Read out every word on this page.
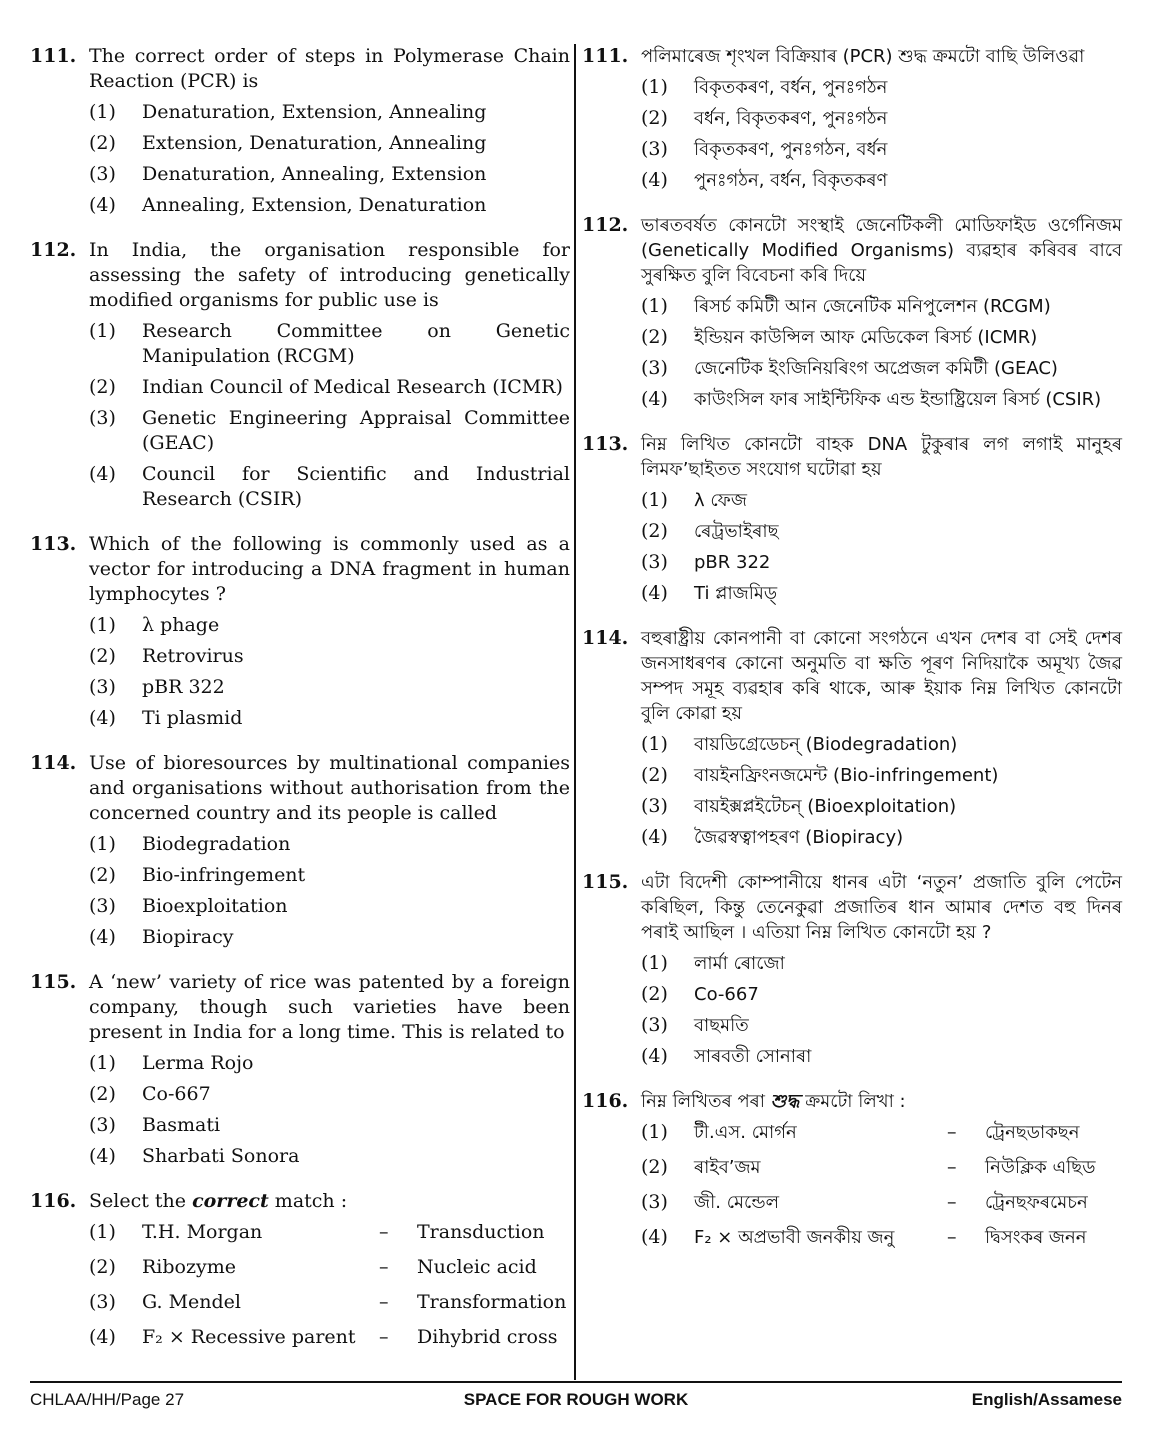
111. The correct order of steps in Polymerase Chain Reaction (PCR) is
(1)	Denaturation, Extension, Annealing
(2)	Extension, Denaturation, Annealing
(3)	Denaturation, Annealing, Extension
(4)	Annealing, Extension, Denaturation
112. In India, the organisation responsible for assessing the safety of introducing genetically modified organisms for public use is
(1)	Research Committee on Genetic Manipulation (RCGM)
(2)	Indian Council of Medical Research (ICMR)
(3)	Genetic Engineering Appraisal Committee (GEAC)
(4)	Council for Scientific and Industrial Research (CSIR)
113. Which of the following is commonly used as a vector for introducing a DNA fragment in human lymphocytes ?
(1)	λ phage
(2)	Retrovirus
(3)	pBR 322
(4)	Ti plasmid
114. Use of bioresources by multinational companies and organisations without authorisation from the concerned country and its people is called
(1)	Biodegradation
(2)	Bio-infringement
(3)	Bioexploitation
(4)	Biopiracy
115. A ‘new’ variety of rice was patented by a foreign company, though such varieties have been present in India for a long time. This is related to
(1)	Lerma Rojo
(2)	Co-667
(3)	Basmati
(4)	Sharbati Sonora
116. Select the correct match :
(1)	T.H. Morgan	–	Transduction
(2)	Ribozyme	–	Nucleic acid
(3)	G. Mendel	–	Transformation
(4)	F₂ × Recessive parent	–	Dihybrid cross
111. পলিমাৰেজ শৃংখল বিক্ৰিয়াৰ (PCR) শুদ্ধ ক্ৰমটো বাছি উলিওৱা
(1)	বিকৃতকৰণ, বৰ্ধন, পুনঃগঠন
(2)	বৰ্ধন, বিকৃতকৰণ, পুনঃগঠন
(3)	বিকৃতকৰণ, পুনঃগঠন, বৰ্ধন
(4)	পুনঃগঠন, বৰ্ধন, বিকৃতকৰণ
112. ভাৰতবৰ্ষত কোনটো সংস্থাই জেনেটিকলী মোডিফাইড ওৰ্গেনিজম (Genetically Modified Organisms) ব্যৱহাৰ কৰিবৰ বাবে সুৰক্ষিত বুলি বিবেচনা কৰি দিয়ে
(1)	ৰিসৰ্চ কমিটী আন জেনেটিক মনিপুলেশন (RCGM)
(2)	ইন্ডিয়ন কাউন্সিল আফ মেডিকেল ৰিসৰ্চ (ICMR)
(3)	জেনেটিক ইংজিনিয়ৰিংগ অপ্ৰেজল কমিটী (GEAC)
(4)	কাউংসিল ফাৰ সাইন্টিফিক এন্ড ইন্ডাষ্ট্ৰিয়েল ৰিসৰ্চ (CSIR)
113. নিম্ন লিখিত কোনটো বাহক DNA টুকুৰাৰ লগ লগাই মানুহৰ লিমফ’ছাইতত সংযোগ ঘটোৱা হয়
(1)	λ ফেজ
(2)	ৰেট্ৰভাইৰাছ
(3)	pBR 322
(4)	Ti প্লাজমিড্
114. বহুৰাষ্ট্ৰীয় কোনপানী বা কোনো সংগঠনে এখন দেশৰ বা সেই দেশৰ জনসাধৰণৰ কোনো অনুমতি বা ক্ষতি পূৰণ নিদিয়াকৈ অমূখ্য জৈৱ সম্পদ সমূহ ব্যৱহাৰ কৰি থাকে, আৰু ইয়াক নিম্ন লিখিত কোনটো বুলি কোৱা হয়
(1)	বায়ডিগ্ৰেডেচন্ (Biodegradation)
(2)	বায়ইনফ্ৰিংনজমেন্ট (Bio-infringement)
(3)	বায়ইক্সপ্লইটেচন্ (Bioexploitation)
(4)	জৈৱস্বত্বাপহৰণ (Biopiracy)
115. এটা বিদেশী কোম্পানীয়ে ধানৰ এটা ‘নতুন’ প্ৰজাতি বুলি পেটেন কৰিছিল, কিন্তু তেনেকুৱা প্ৰজাতিৰ ধান আমাৰ দেশত বহু দিনৰ পৰাই আছিল । এতিয়া নিম্ন লিখিত কোনটো হয় ?
(1)	লাৰ্মা ৰোজো
(2)	Co-667
(3)	বাছমতি
(4)	সাৰবতী সোনাৰা
116. নিম্ন লিখিতৰ পৰা শুদ্ধ ক্ৰমটো লিখা :
(1)	টী.এস. মোৰ্গন	–	ট্ৰেনছডাকছন
(2)	ৰাইব’জম	–	নিউক্লিক এছিড
(3)	জী. মেন্ডেল	–	ট্ৰেনছফৰমেচন
(4)	F₂ × অপ্ৰভাবী জনকীয় জনু	–	দ্বিসংকৰ জনন
CHLAA/HH/Page 27	SPACE FOR ROUGH WORK	English/Assamese
